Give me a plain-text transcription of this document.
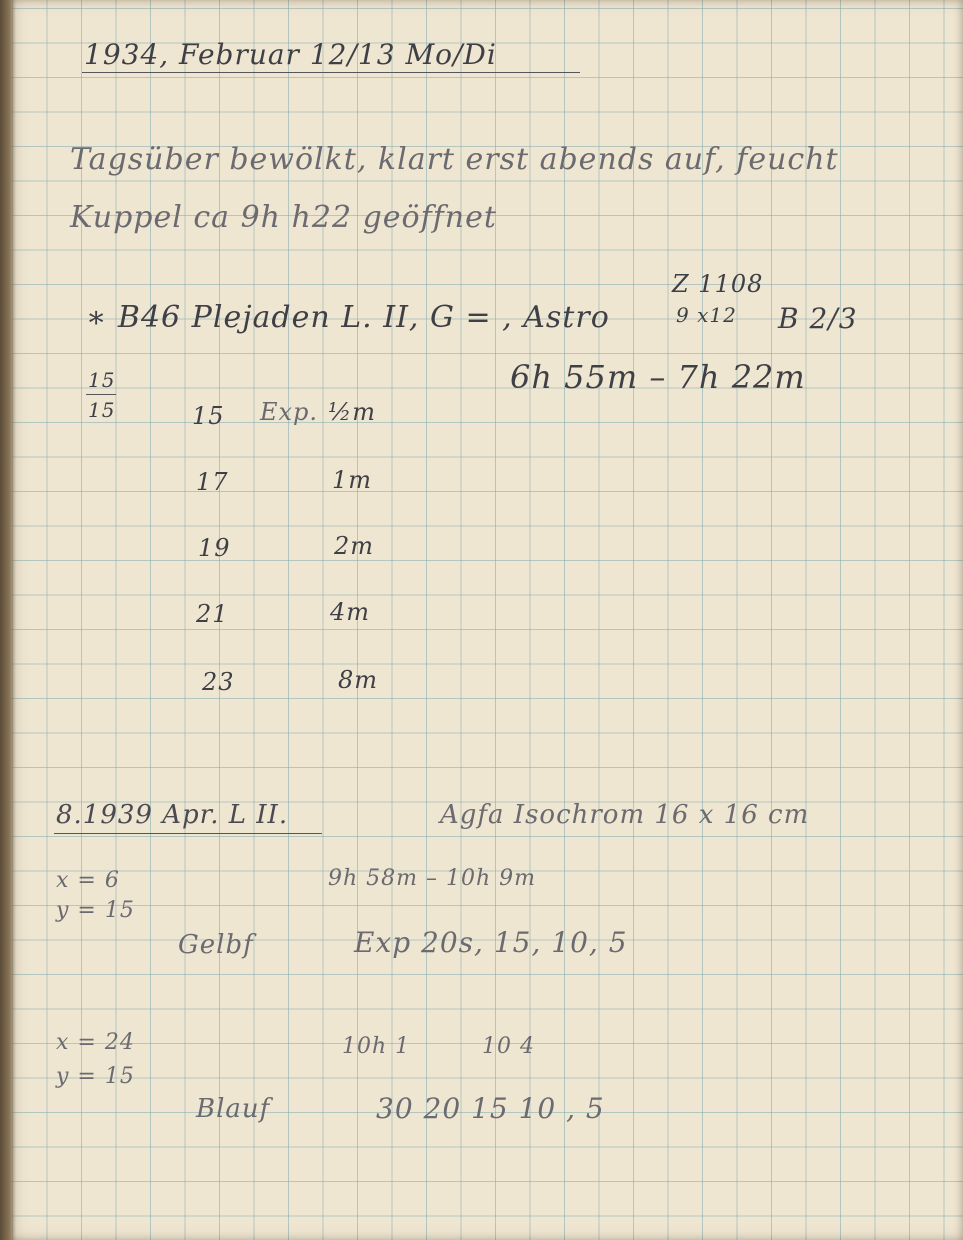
1934, Februar 12/13 Mo/Di
Tagsüber bewölkt, klart erst abends auf, feucht
Kuppel ca 9h h22 geöffnet
∗ B46 Plejaden L. II, G = , Astro
Z 1108
9 x12 B 2/3
6h 55m – 7h 22m
15
15	15 Exp. ½m
17	1m
19	2m
21	4m
23	8m
8.1939 Apr. L II.	Agfa Isochrom 16 x 16 cm
x = 6
y = 15
9h 58m – 10h 9m
Gelbf	Exp 20s, 15, 10, 5
x = 24
y = 15
10h 1	10 4
Blauf	30 20 15 10 , 5
